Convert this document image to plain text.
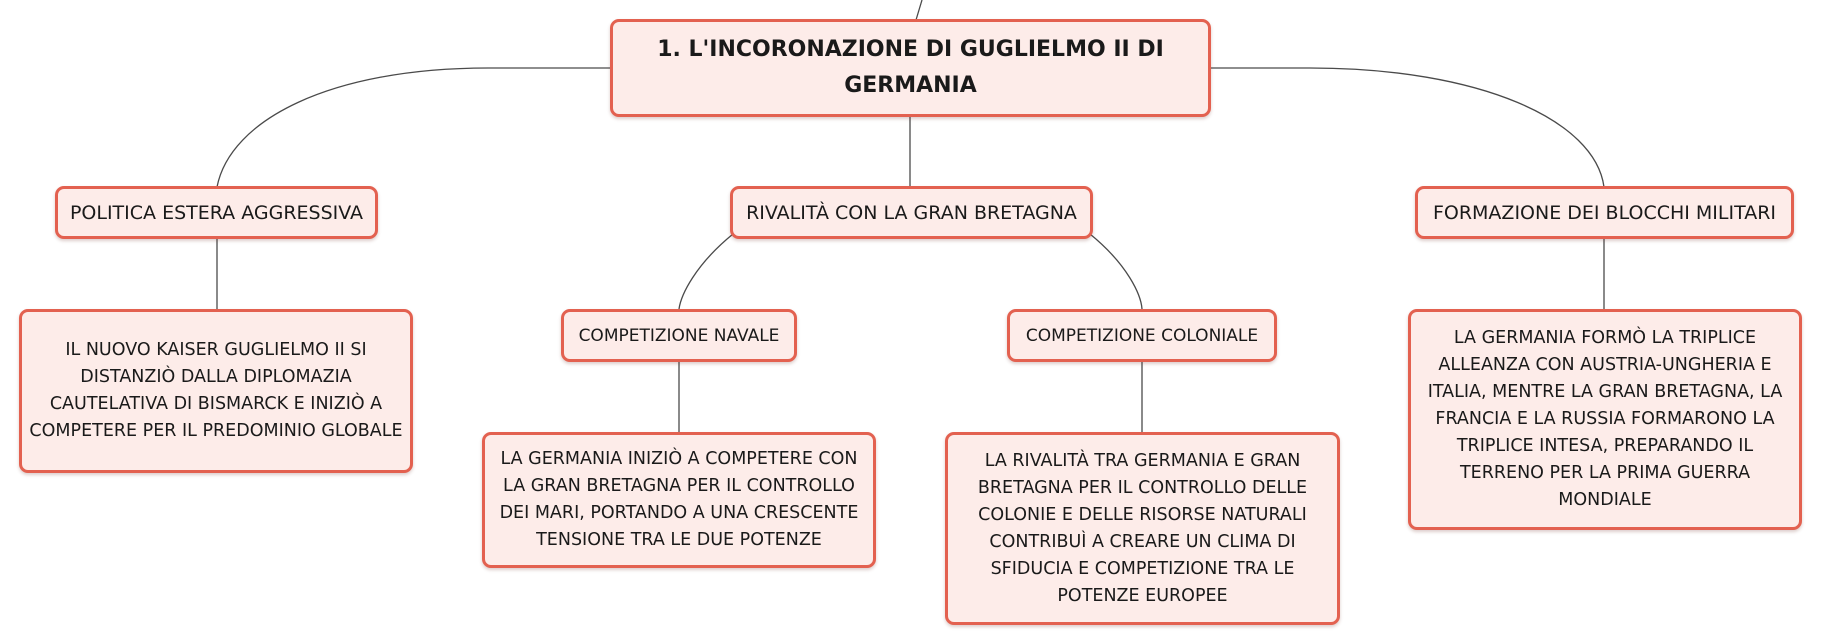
1. L'INCORONAZIONE DI GUGLIELMO II DI GERMANIA
POLITICA ESTERA AGGRESSIVA	RIVALITÀ CON LA GRAN BRETAGNA	FORMAZIONE DEI BLOCCHI MILITARI
COMPETIZIONE NAVALE	COMPETIZIONE COLONIALE
IL NUOVO KAISER GUGLIELMO II SI DISTANZIÒ DALLA DIPLOMAZIA CAUTELATIVA DI BISMARCK E INIZIÒ A COMPETERE PER IL PREDOMINIO GLOBALE
LA GERMANIA INIZIÒ A COMPETERE CON LA GRAN BRETAGNA PER IL CONTROLLO DEI MARI, PORTANDO A UNA CRESCENTE TENSIONE TRA LE DUE POTENZE
LA RIVALITÀ TRA GERMANIA E GRAN BRETAGNA PER IL CONTROLLO DELLE COLONIE E DELLE RISORSE NATURALI CONTRIBUÌ A CREARE UN CLIMA DI SFIDUCIA E COMPETIZIONE TRA LE POTENZE EUROPEE
LA GERMANIA FORMÒ LA TRIPLICE ALLEANZA CON AUSTRIA-UNGHERIA E ITALIA, MENTRE LA GRAN BRETAGNA, LA FRANCIA E LA RUSSIA FORMARONO LA TRIPLICE INTESA, PREPARANDO IL TERRENO PER LA PRIMA GUERRA MONDIALE
